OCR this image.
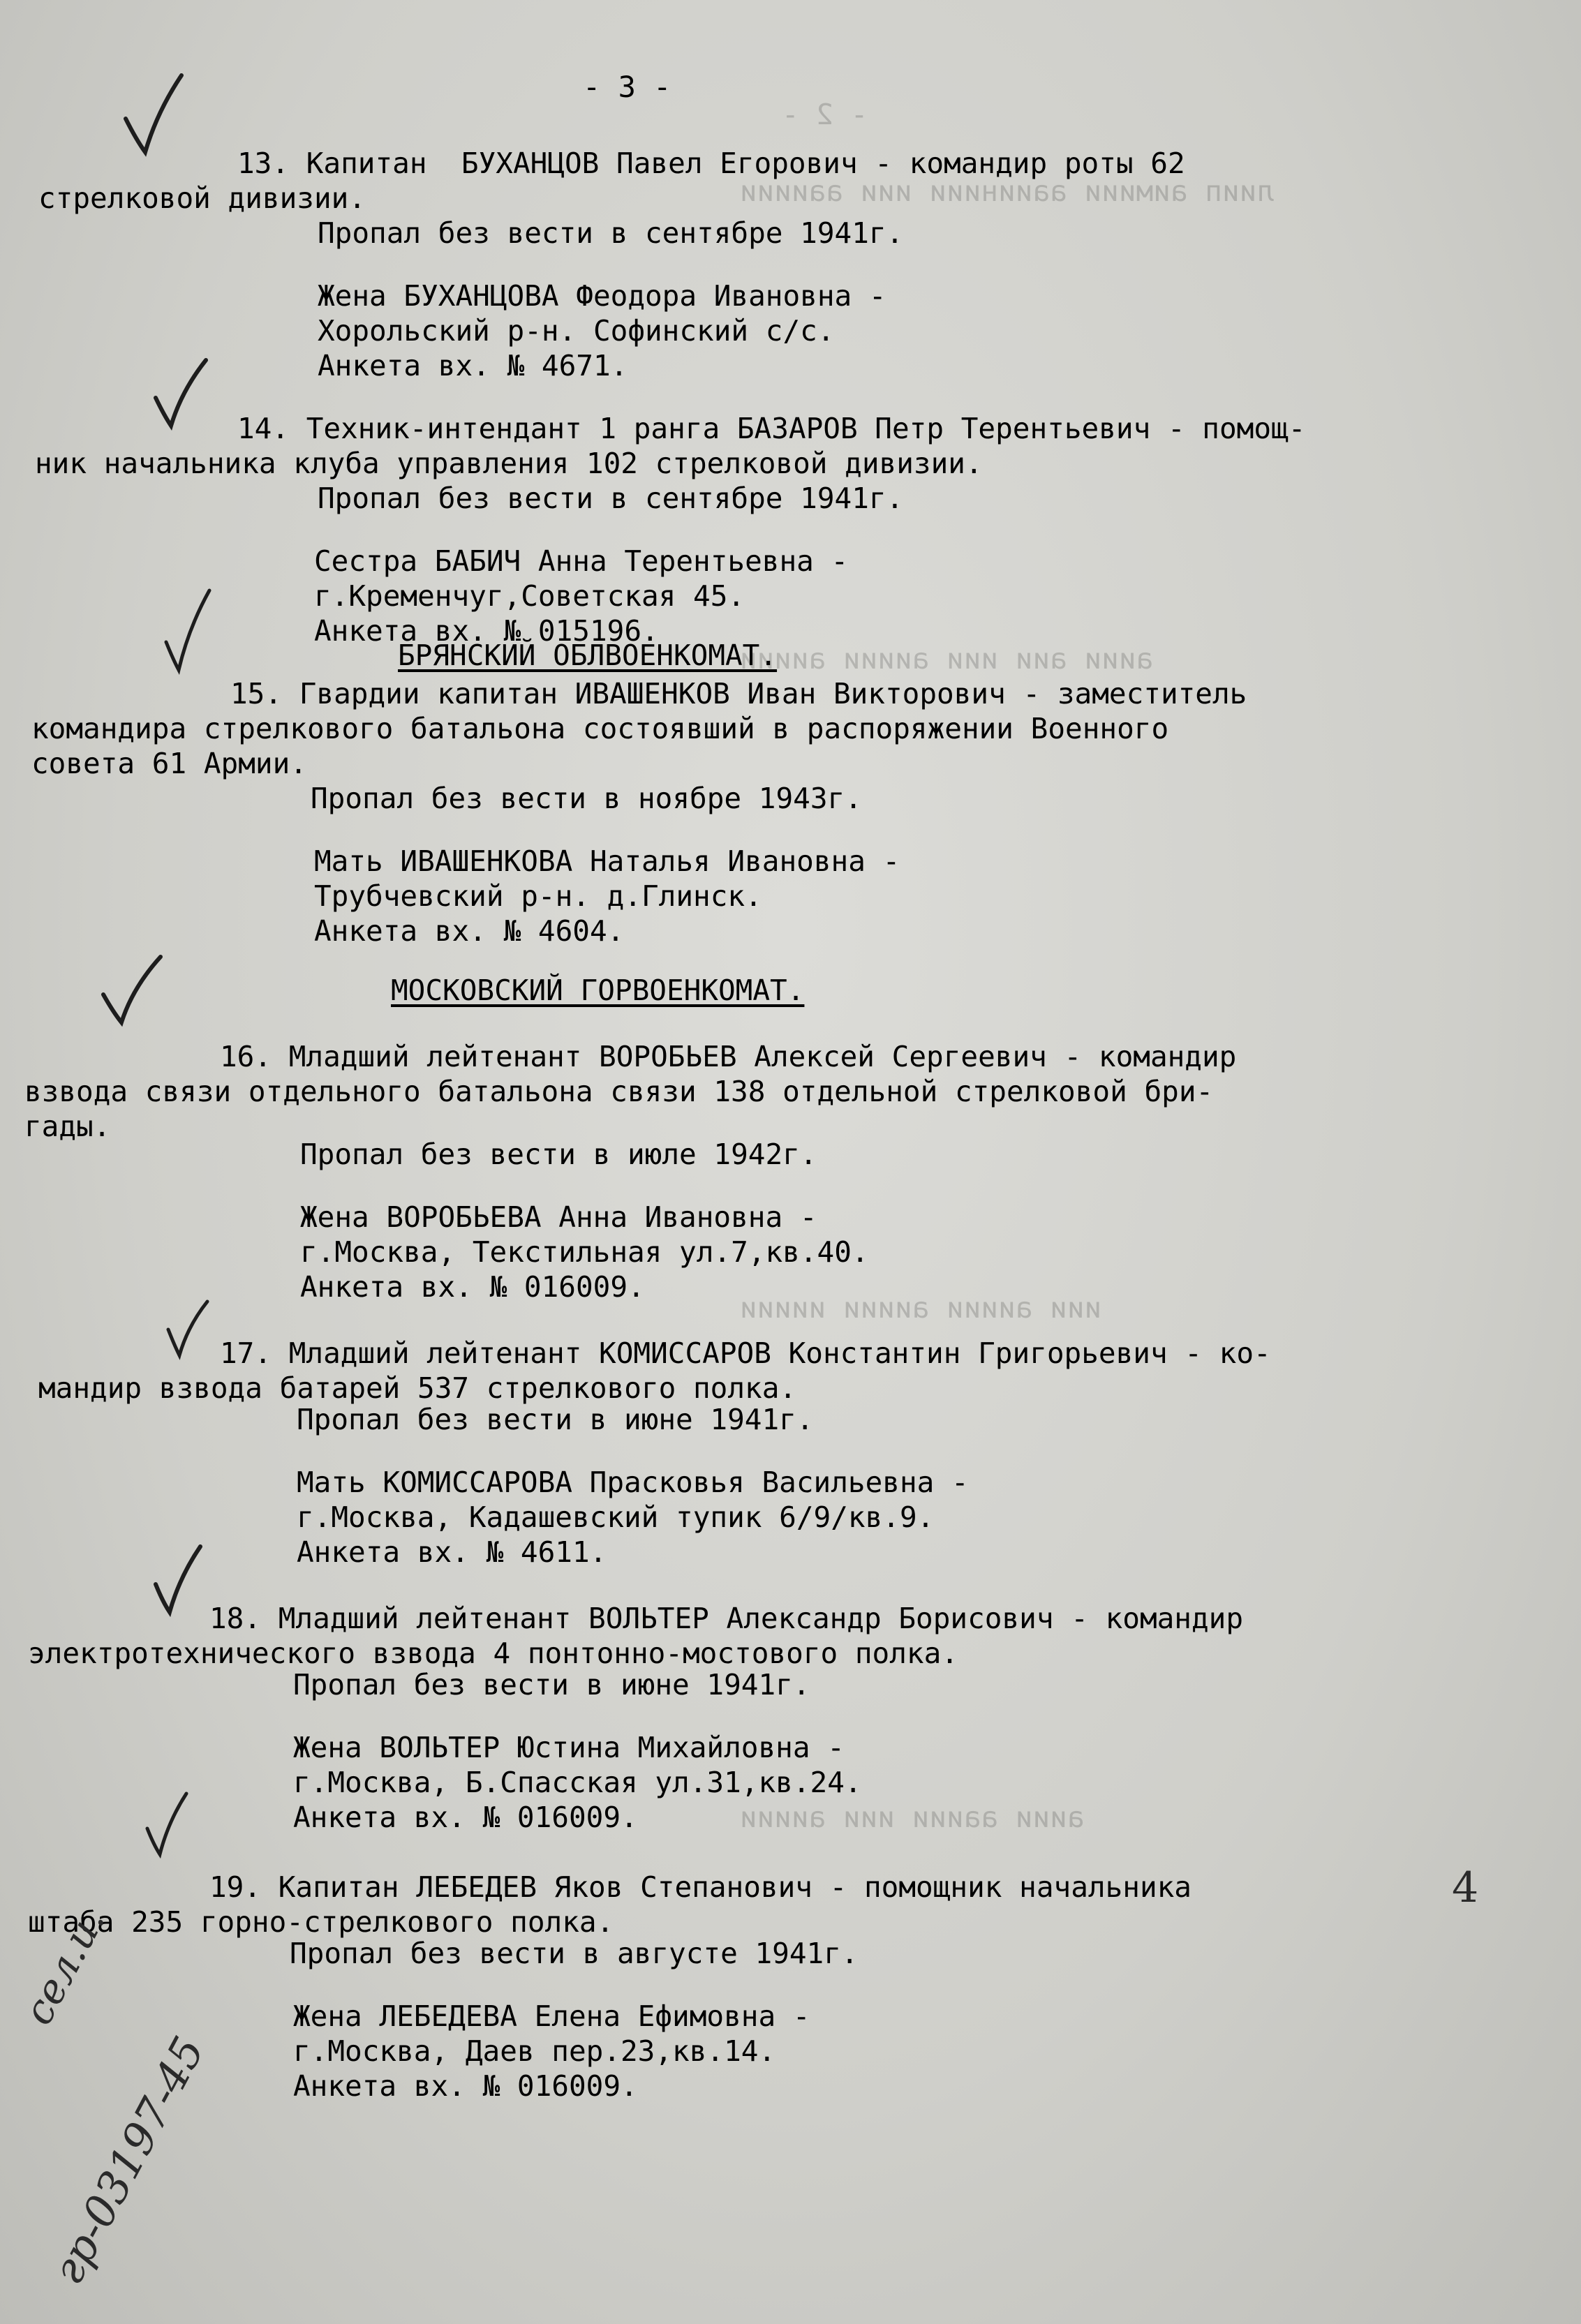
- 2 -
лиип аимиии ааииниии иии ааииии
аиии аии иии аииии аииии
иии аииии аииии иииии
аиии ааиии иии аииии
- 3 -
13. Капитан  БУХАНЦОВ Павел Егорович - командир роты 62
стрелковой дивизии.
Пропал без вести в сентябре 1941г.
Жена БУХАНЦОВА Феодора Ивановна -
Хорольский р-н. Софинский с/с.
Анкета вх. № 4671.
14. Техник-интендант 1 ранга БАЗАРОВ Петр Терентьевич - помощ-
ник начальника клуба управления 102 стрелковой дивизии.
Пропал без вести в сентябре 1941г.
Сестра БАБИЧ Анна Терентьевна -
г.Кременчуг,Советская 45.
Анкета вх. № 015196.
БРЯНСКИЙ ОБЛВОЕНКОМАТ.
15. Гвардии капитан ИВАШЕНКОВ Иван Викторович - заместитель
командира стрелкового батальона состоявший в распоряжении Военного
совета 61 Армии.
Пропал без вести в ноябре 1943г.
Мать ИВАШЕНКОВА Наталья Ивановна -
Трубчевский р-н. д.Глинск.
Анкета вх. № 4604.
МОСКОВСКИЙ ГОРВОЕНКОМАТ.
16. Младший лейтенант ВОРОБЬЕВ Алексей Сергеевич - командир
взвода связи отдельного батальона связи 138 отдельной стрелковой бри-
гады.
Пропал без вести в июле 1942г.
Жена ВОРОБЬЕВА Анна Ивановна -
г.Москва, Текстильная ул.7,кв.40.
Анкета вх. № 016009.
17. Младший лейтенант КОМИССАРОВ Константин Григорьевич - ко-
мандир взвода батарей 537 стрелкового полка.
Пропал без вести в июне 1941г.
Мать КОМИССАРОВА Прасковья Васильевна -
г.Москва, Кадашевский тупик 6/9/кв.9.
Анкета вх. № 4611.
18. Младший лейтенант ВОЛЬТЕР Александр Борисович - командир
электротехнического взвода 4 понтонно-мостового полка.
Пропал без вести в июне 1941г.
Жена ВОЛЬТЕР Юстина Михайловна -
г.Москва, Б.Спасская ул.31,кв.24.
Анкета вх. № 016009.
19. Капитан ЛЕБЕДЕВ Яков Степанович - помощник начальника
штаба 235 горно-стрелкового полка.
Пропал без вести в августе 1941г.
Жена ЛЕБЕДЕВА Елена Ефимовна -
г.Москва, Даев пер.23,кв.14.
Анкета вх. № 016009.
сел.и.
гр-03197-45
4
